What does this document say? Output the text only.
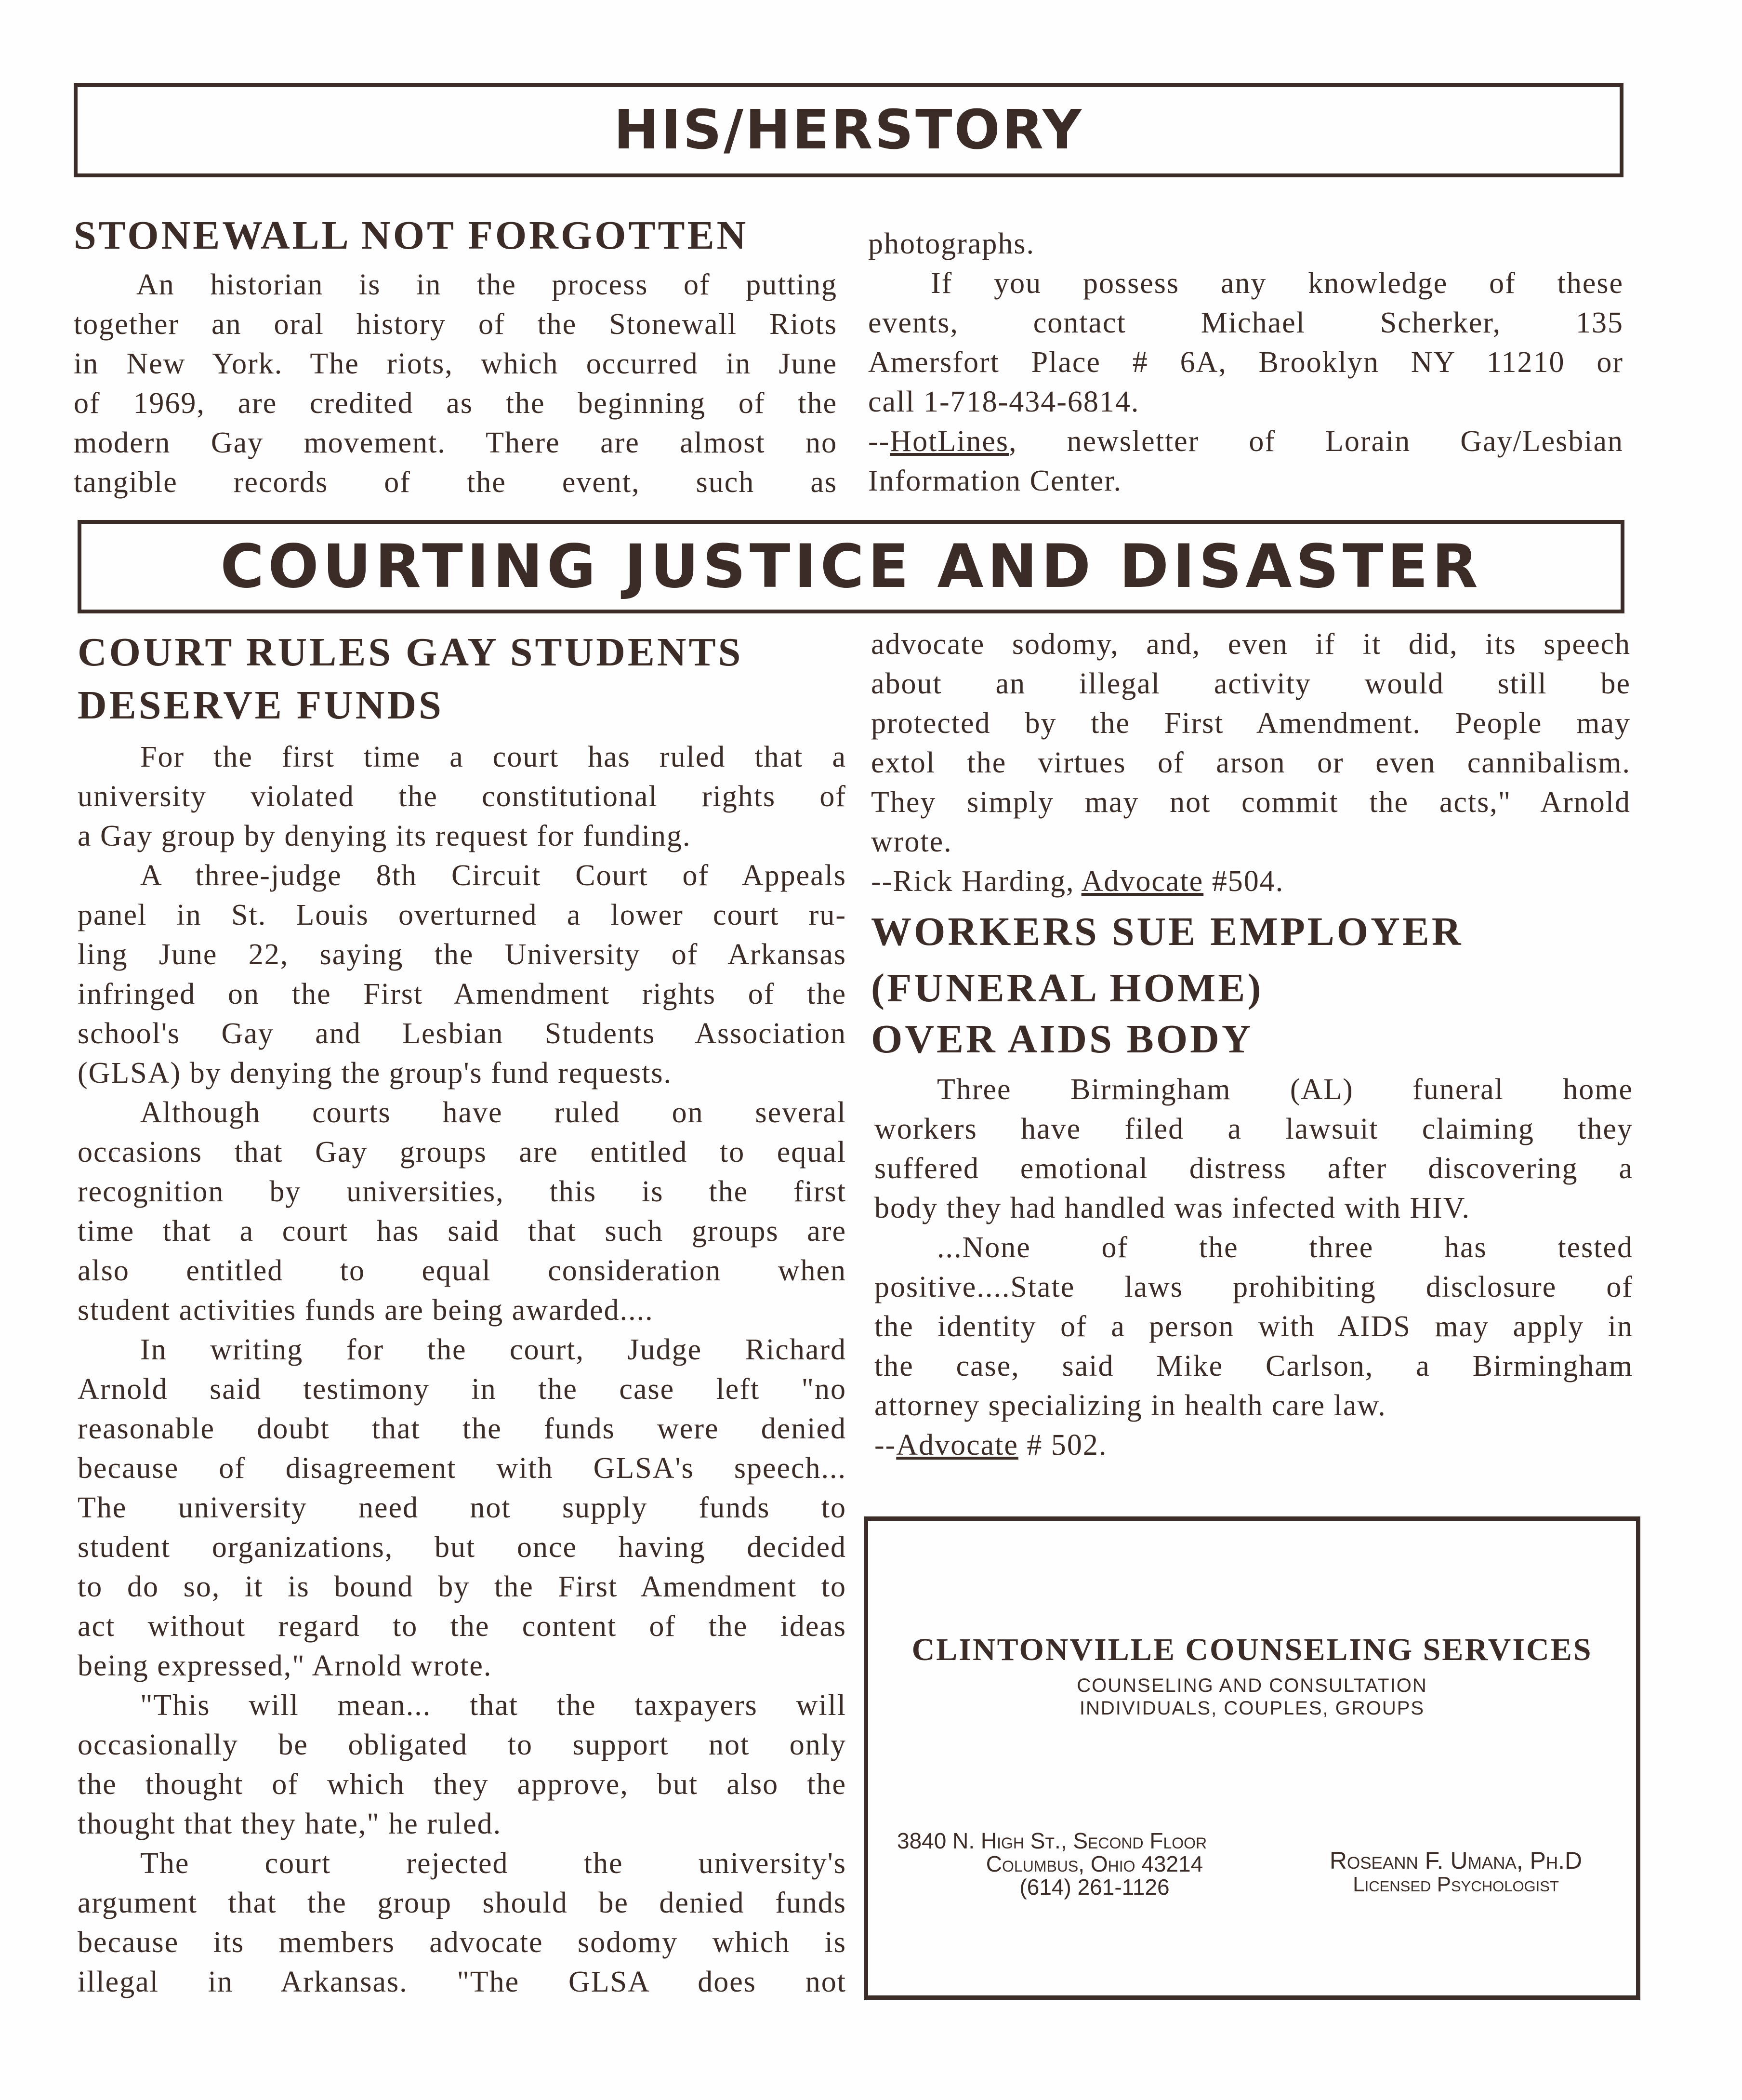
HIS/HERSTORY
STONEWALL NOT FORGOTTEN
An historian is in the process of putting
together an oral history of the Stonewall Riots
in New York. The riots, which occurred in June
of 1969, are credited as the beginning of the
modern Gay movement. There are almost no
tangible records of the event, such as
photographs.
If you possess any knowledge of these
events, contact Michael Scherker, 135
Amersfort Place # 6A, Brooklyn NY 11210 or
call 1-718-434-6814.
--HotLines, newsletter of Lorain Gay/Lesbian
Information Center.
COURTING JUSTICE AND DISASTER
COURT RULES GAY STUDENTS
DESERVE FUNDS
For the first time a court has ruled that a
university violated the constitutional rights of
a Gay group by denying its request for funding.
A three-judge 8th Circuit Court of Appeals
panel in St. Louis overturned a lower court ru-
ling June 22, saying the University of Arkansas
infringed on the First Amendment rights of the
school's Gay and Lesbian Students Association
(GLSA) by denying the group's fund requests.
Although courts have ruled on several
occasions that Gay groups are entitled to equal
recognition by universities, this is the first
time that a court has said that such groups are
also entitled to equal consideration when
student activities funds are being awarded....
In writing for the court, Judge Richard
Arnold said testimony in the case left "no
reasonable doubt that the funds were denied
because of disagreement with GLSA's speech...
The university need not supply funds to
student organizations, but once having decided
to do so, it is bound by the First Amendment to
act without regard to the content of the ideas
being expressed," Arnold wrote.
"This will mean... that the taxpayers will
occasionally be obligated to support not only
the thought of which they approve, but also the
thought that they hate," he ruled.
The court rejected the university's
argument that the group should be denied funds
because its members advocate sodomy which is
illegal in Arkansas. "The GLSA does not
advocate sodomy, and, even if it did, its speech
about an illegal activity would still be
protected by the First Amendment. People may
extol the virtues of arson or even cannibalism.
They simply may not commit the acts," Arnold
wrote.
--Rick Harding, Advocate #504.
WORKERS SUE EMPLOYER
(FUNERAL HOME)
OVER AIDS BODY
Three Birmingham (AL) funeral home
workers have filed a lawsuit claiming they
suffered emotional distress after discovering a
body they had handled was infected with HIV.
...None of the three has tested
positive....State laws prohibiting disclosure of
the identity of a person with AIDS may apply in
the case, said Mike Carlson, a Birmingham
attorney specializing in health care law.
--Advocate # 502.
CLINTONVILLE COUNSELING SERVICES
COUNSELING AND CONSULTATION
INDIVIDUALS, COUPLES, GROUPS
3840 N. High St., Second Floor
Columbus, Ohio 43214
(614) 261-1126
Roseann F. Umana, Ph.D
Licensed Psychologist
